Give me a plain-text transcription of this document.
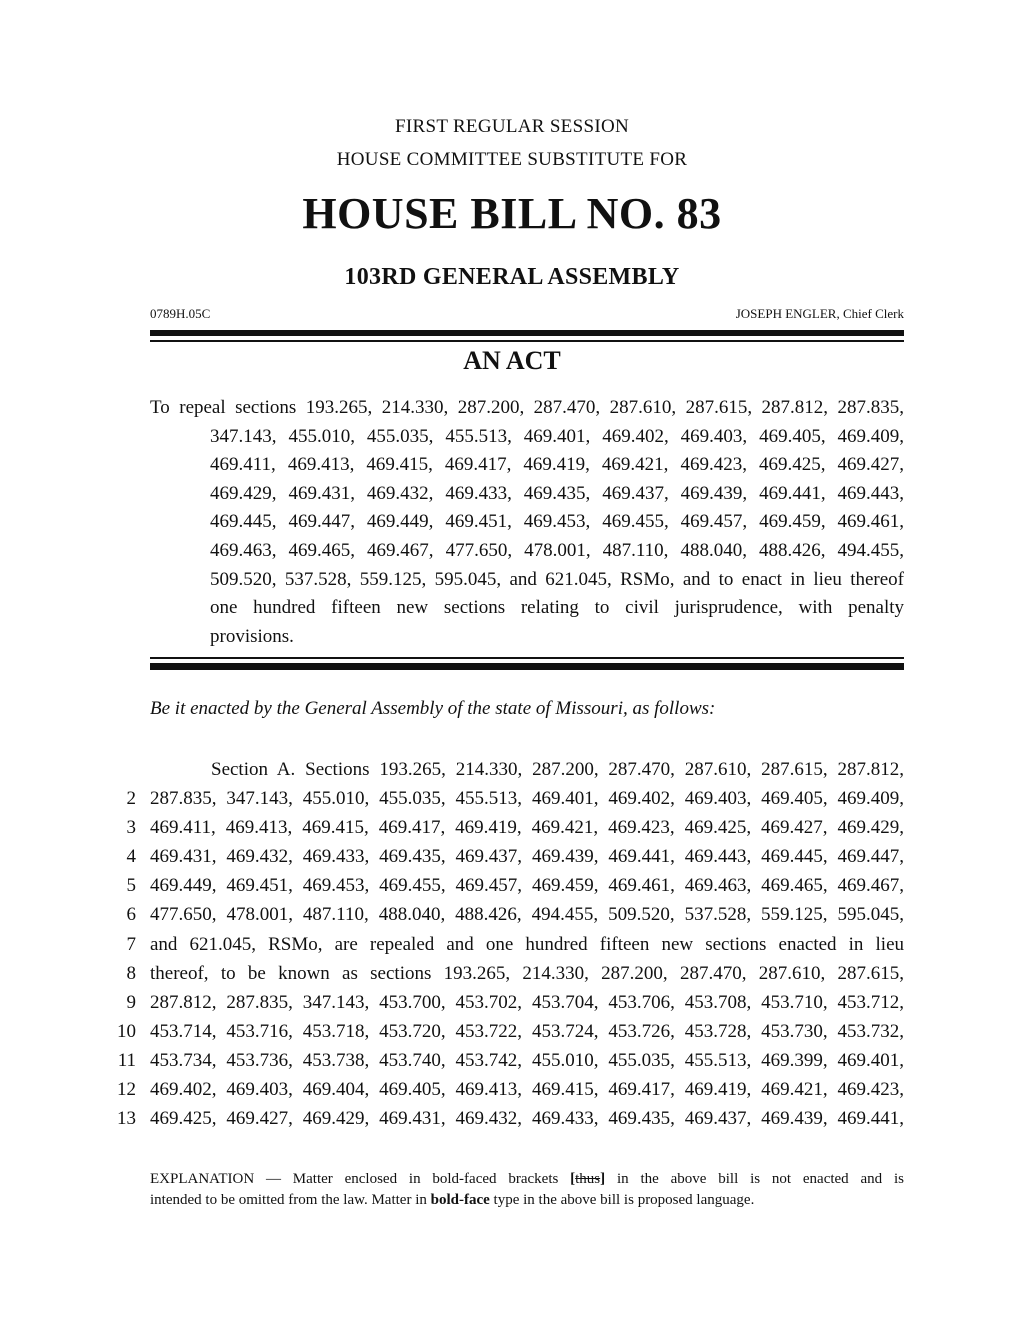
FIRST REGULAR SESSION
HOUSE COMMITTEE SUBSTITUTE FOR
HOUSE BILL NO. 83
103RD GENERAL ASSEMBLY
0789H.05C	JOSEPH ENGLER, Chief Clerk
AN ACT
To repeal sections 193.265, 214.330, 287.200, 287.470, 287.610, 287.615, 287.812, 287.835,
347.143, 455.010, 455.035, 455.513, 469.401, 469.402, 469.403, 469.405, 469.409,
469.411, 469.413, 469.415, 469.417, 469.419, 469.421, 469.423, 469.425, 469.427,
469.429, 469.431, 469.432, 469.433, 469.435, 469.437, 469.439, 469.441, 469.443,
469.445, 469.447, 469.449, 469.451, 469.453, 469.455, 469.457, 469.459, 469.461,
469.463, 469.465, 469.467, 477.650, 478.001, 487.110, 488.040, 488.426, 494.455,
509.520, 537.528, 559.125, 595.045, and 621.045, RSMo, and to enact in lieu thereof
one hundred fifteen new sections relating to civil jurisprudence, with penalty
provisions.
Be it enacted by the General Assembly of the state of Missouri, as follows:
Section A. Sections 193.265, 214.330, 287.200, 287.470, 287.610, 287.615, 287.812,
2 287.835, 347.143, 455.010, 455.035, 455.513, 469.401, 469.402, 469.403, 469.405, 469.409,
3 469.411, 469.413, 469.415, 469.417, 469.419, 469.421, 469.423, 469.425, 469.427, 469.429,
4 469.431, 469.432, 469.433, 469.435, 469.437, 469.439, 469.441, 469.443, 469.445, 469.447,
5 469.449, 469.451, 469.453, 469.455, 469.457, 469.459, 469.461, 469.463, 469.465, 469.467,
6 477.650, 478.001, 487.110, 488.040, 488.426, 494.455, 509.520, 537.528, 559.125, 595.045,
7 and 621.045, RSMo, are repealed and one hundred fifteen new sections enacted in lieu
8 thereof, to be known as sections 193.265, 214.330, 287.200, 287.470, 287.610, 287.615,
9 287.812, 287.835, 347.143, 453.700, 453.702, 453.704, 453.706, 453.708, 453.710, 453.712,
10 453.714, 453.716, 453.718, 453.720, 453.722, 453.724, 453.726, 453.728, 453.730, 453.732,
11 453.734, 453.736, 453.738, 453.740, 453.742, 455.010, 455.035, 455.513, 469.399, 469.401,
12 469.402, 469.403, 469.404, 469.405, 469.413, 469.415, 469.417, 469.419, 469.421, 469.423,
13 469.425, 469.427, 469.429, 469.431, 469.432, 469.433, 469.435, 469.437, 469.439, 469.441,
EXPLANATION — Matter enclosed in bold-faced brackets [thus] in the above bill is not enacted and is
intended to be omitted from the law. Matter in bold-face type in the above bill is proposed language.
